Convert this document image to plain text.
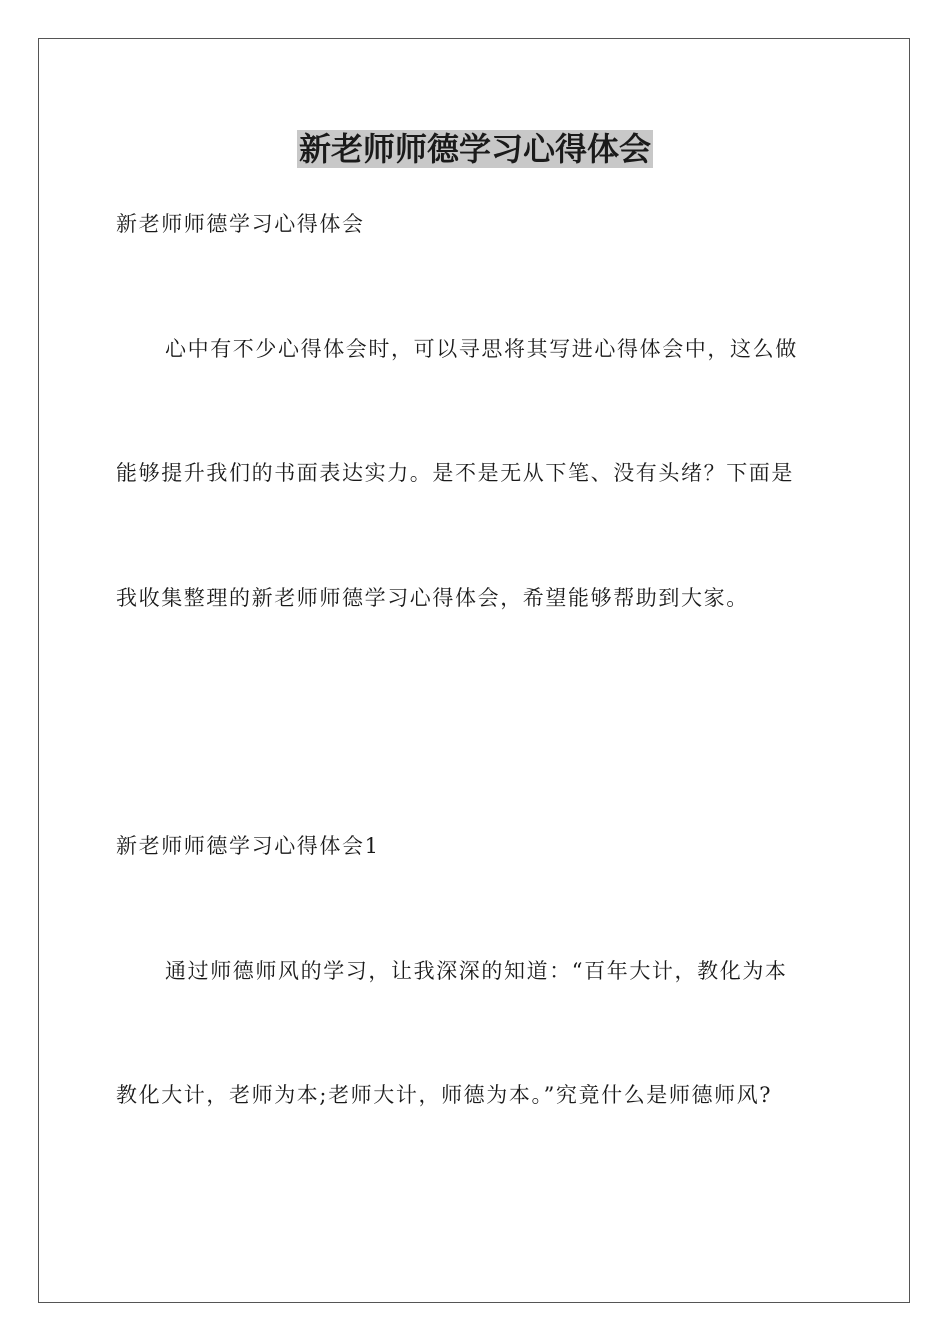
新老师师德学习心得体会
新老师师德学习心得体会
心中有不少心得体会时，可以寻思将其写进心得体会中，这么做
能够提升我们的书面表达实力。是不是无从下笔、没有头绪？下面是
我收集整理的新老师师德学习心得体会，希望能够帮助到大家。
新老师师德学习心得体会1
通过师德师风的学习，让我深深的知道：“百年大计，教化为本
教化大计，老师为本;老师大计，师德为本。”究竟什么是师德师风?
